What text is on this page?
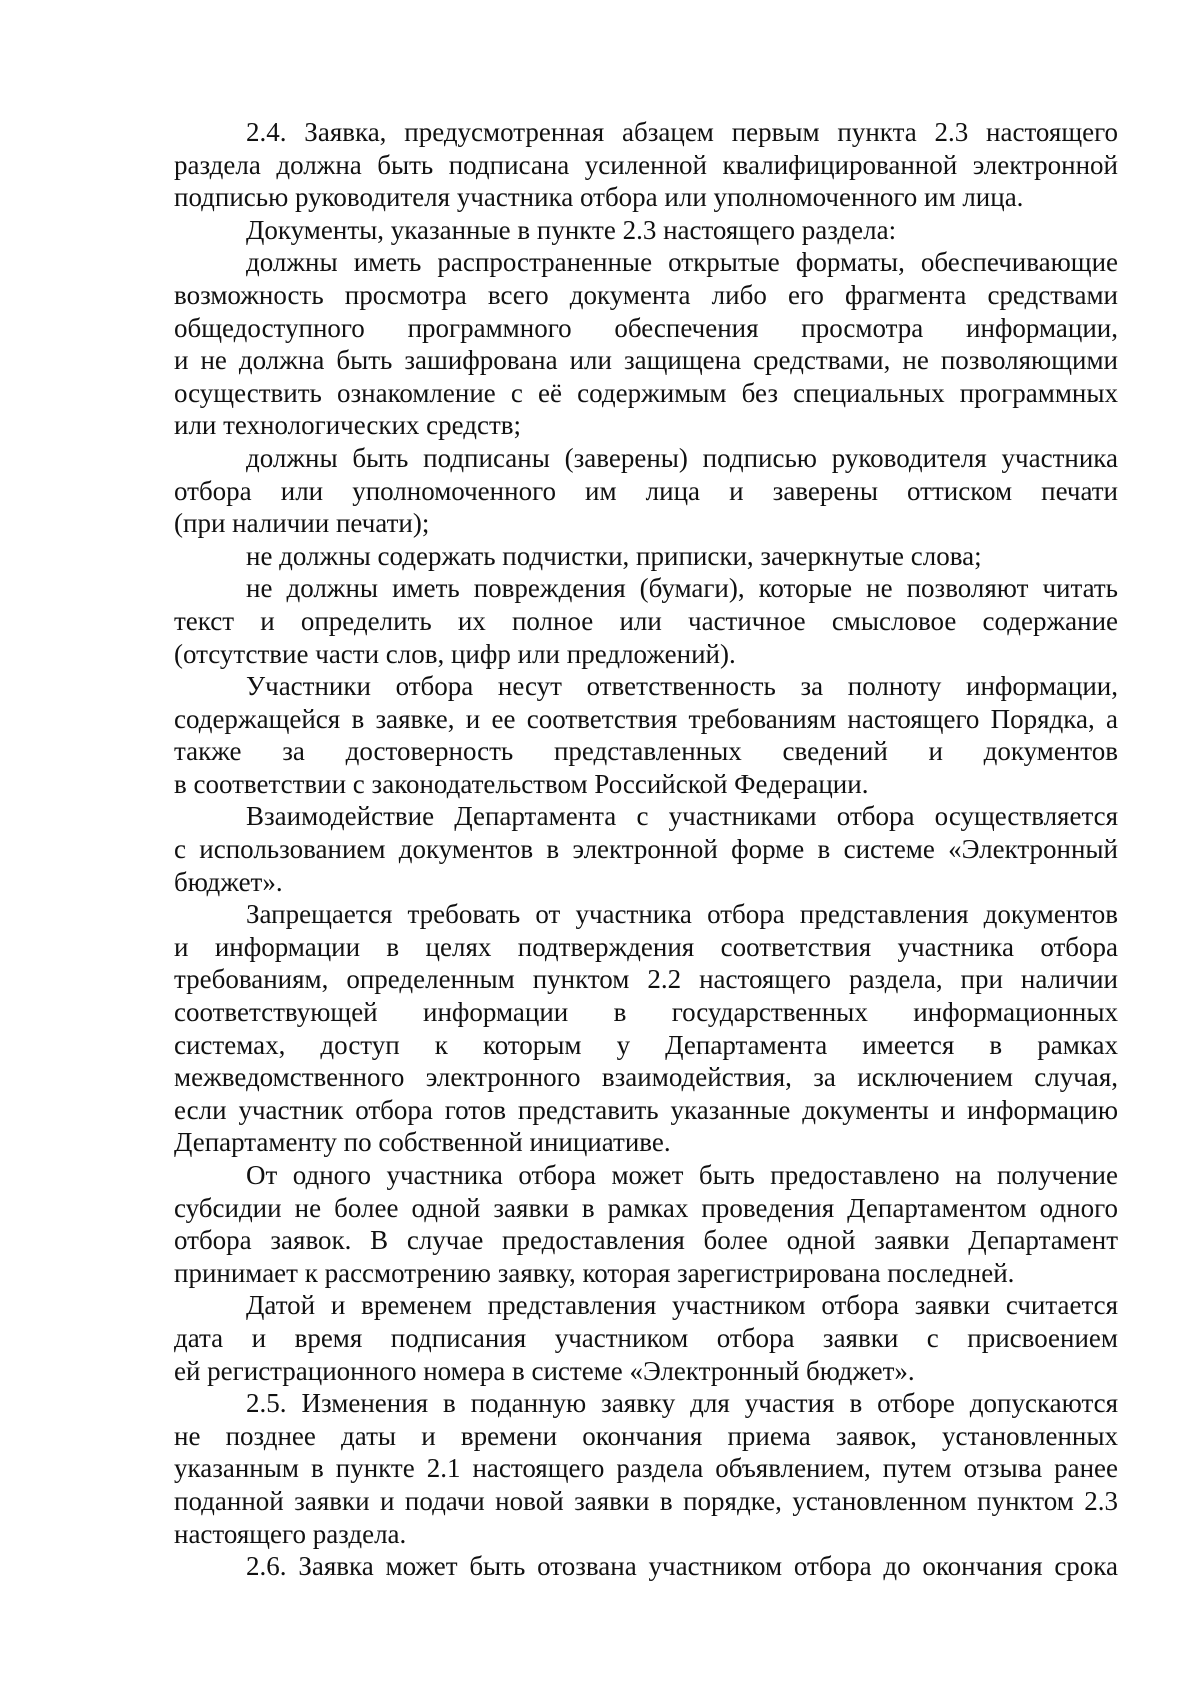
2.4. Заявка, предусмотренная абзацем первым пункта 2.3 настоящего
раздела должна быть подписана усиленной квалифицированной электронной
подписью руководителя участника отбора или уполномоченного им лица.
Документы, указанные в пункте 2.3 настоящего раздела:
должны иметь распространенные открытые форматы, обеспечивающие
возможность просмотра всего документа либо его фрагмента средствами
общедоступного программного обеспечения просмотра информации,
и не должна быть зашифрована или защищена средствами, не позволяющими
осуществить ознакомление с её содержимым без специальных программных
или технологических средств;
должны быть подписаны (заверены) подписью руководителя участника
отбора или уполномоченного им лица и заверены оттиском печати
(при наличии печати);
не должны содержать подчистки, приписки, зачеркнутые слова;
не должны иметь повреждения (бумаги), которые не позволяют читать
текст и определить их полное или частичное смысловое содержание
(отсутствие части слов, цифр или предложений).
Участники отбора несут ответственность за полноту информации,
содержащейся в заявке, и ее соответствия требованиям настоящего Порядка, а
также за достоверность представленных сведений и документов
в соответствии с законодательством Российской Федерации.
Взаимодействие Департамента с участниками отбора осуществляется
с использованием документов в электронной форме в системе «Электронный
бюджет».
Запрещается требовать от участника отбора представления документов
и информации в целях подтверждения соответствия участника отбора
требованиям, определенным пунктом 2.2 настоящего раздела, при наличии
соответствующей информации в государственных информационных
системах, доступ к которым у Департамента имеется в рамках
межведомственного электронного взаимодействия, за исключением случая,
если участник отбора готов представить указанные документы и информацию
Департаменту по собственной инициативе.
От одного участника отбора может быть предоставлено на получение
субсидии не более одной заявки в рамках проведения Департаментом одного
отбора заявок. В случае предоставления более одной заявки Департамент
принимает к рассмотрению заявку, которая зарегистрирована последней.
Датой и временем представления участником отбора заявки считается
дата и время подписания участником отбора заявки с присвоением
ей регистрационного номера в системе «Электронный бюджет».
2.5. Изменения в поданную заявку для участия в отборе допускаются
не позднее даты и времени окончания приема заявок, установленных
указанным в пункте 2.1 настоящего раздела объявлением, путем отзыва ранее
поданной заявки и подачи новой заявки в порядке, установленном пунктом 2.3
настоящего раздела.
2.6. Заявка может быть отозвана участником отбора до окончания срока
